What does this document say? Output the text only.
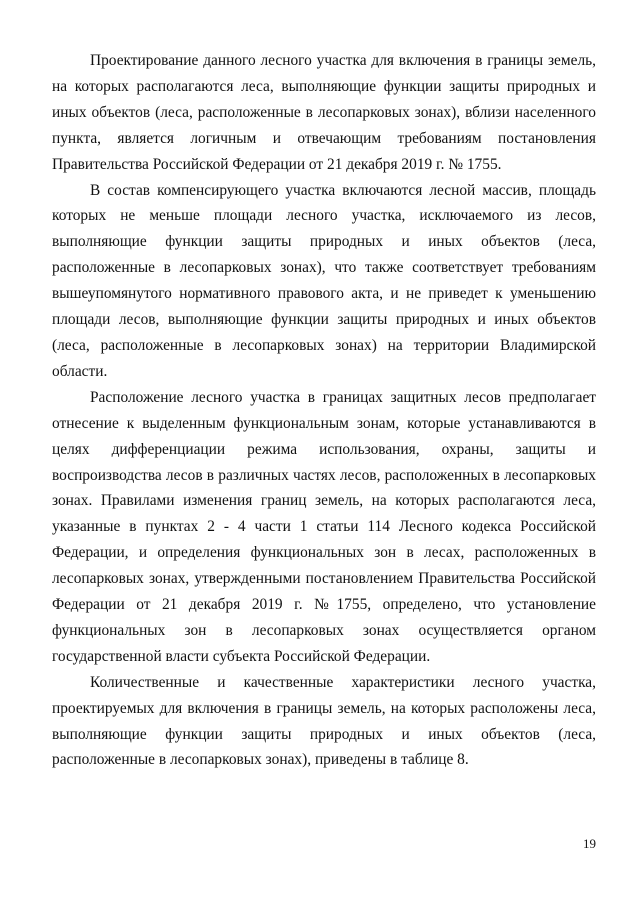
Проектирование данного лесного участка для включения в границы земель, на которых располагаются леса, выполняющие функции защиты природных и иных объектов (леса, расположенные в лесопарковых зонах), вблизи населенного пункта, является логичным и отвечающим требованиям постановления Правительства Российской Федерации от 21 декабря 2019 г. № 1755.

В состав компенсирующего участка включаются лесной массив, площадь которых не меньше площади лесного участка, исключаемого из лесов, выполняющие функции защиты природных и иных объектов (леса, расположенные в лесопарковых зонах), что также соответствует требованиям вышеупомянутого нормативного правового акта, и не приведет к уменьшению площади лесов, выполняющие функции защиты природных и иных объектов (леса, расположенные в лесопарковых зонах) на территории Владимирской области.

Расположение лесного участка в границах защитных лесов предполагает отнесение к выделенным функциональным зонам, которые устанавливаются в целях дифференциации режима использования, охраны, защиты и воспроизводства лесов в различных частях лесов, расположенных в лесопарковых зонах. Правилами изменения границ земель, на которых располагаются леса, указанные в пунктах 2 - 4 части 1 статьи 114 Лесного кодекса Российской Федерации, и определения функциональных зон в лесах, расположенных в лесопарковых зонах, утвержденными постановлением Правительства Российской Федерации от 21 декабря 2019 г. №1755, определено, что установление функциональных зон в лесопарковых зонах осуществляется органом государственной власти субъекта Российской Федерации.

Количественные и качественные характеристики лесного участка, проектируемых для включения в границы земель, на которых расположены леса, выполняющие функции защиты природных и иных объектов (леса, расположенные в лесопарковых зонах), приведены в таблице 8.

19
